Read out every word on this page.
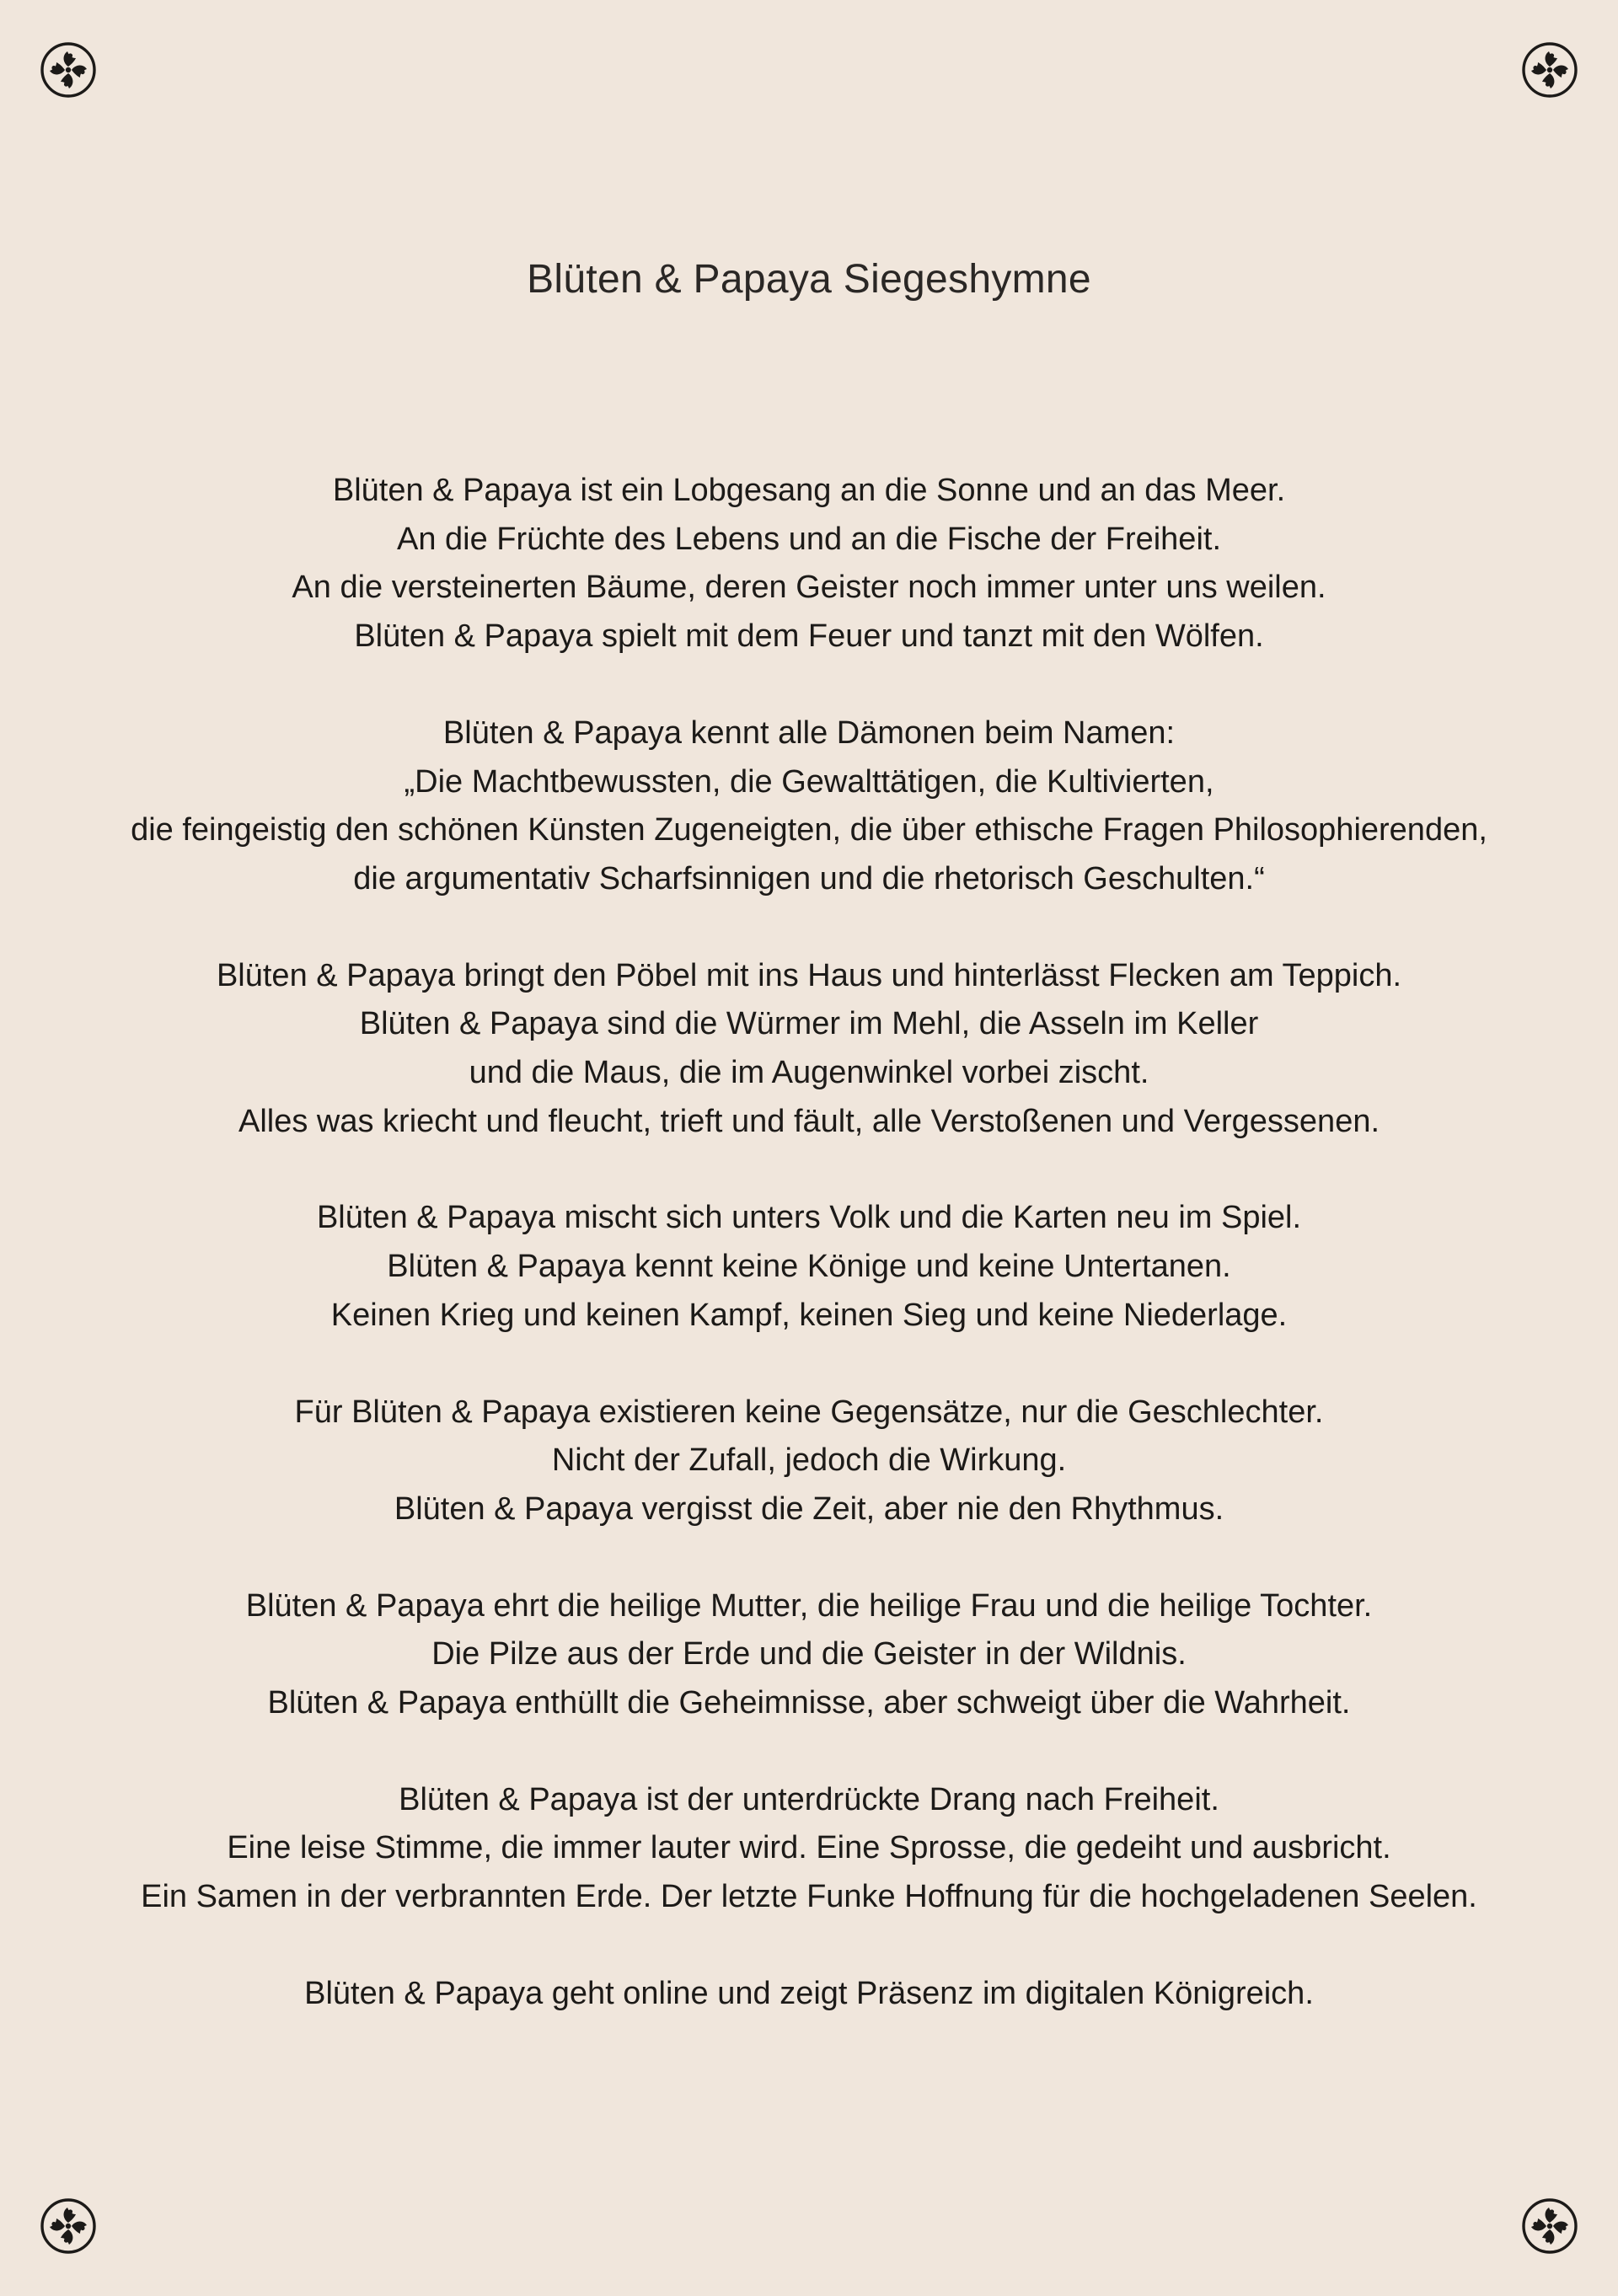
Blüten & Papaya Siegeshymne
Blüten & Papaya ist ein Lobgesang an die Sonne und an das Meer.
An die Früchte des Lebens und an die Fische der Freiheit.
An die versteinerten Bäume, deren Geister noch immer unter uns weilen.
Blüten & Papaya spielt mit dem Feuer und tanzt mit den Wölfen.
Blüten & Papaya kennt alle Dämonen beim Namen:
„Die Machtbewussten, die Gewalttätigen, die Kultivierten,
die feingeistig den schönen Künsten Zugeneigten, die über ethische Fragen Philosophierenden,
die argumentativ Scharfsinnigen und die rhetorisch Geschulten.“
Blüten & Papaya bringt den Pöbel mit ins Haus und hinterlässt Flecken am Teppich.
Blüten & Papaya sind die Würmer im Mehl, die Asseln im Keller
und die Maus, die im Augenwinkel vorbei zischt.
Alles was kriecht und fleucht, trieft und fäult, alle Verstoßenen und Vergessenen.
Blüten & Papaya mischt sich unters Volk und die Karten neu im Spiel.
Blüten & Papaya kennt keine Könige und keine Untertanen.
Keinen Krieg und keinen Kampf, keinen Sieg und keine Niederlage.
Für Blüten & Papaya existieren keine Gegensätze, nur die Geschlechter.
Nicht der Zufall, jedoch die Wirkung.
Blüten & Papaya vergisst die Zeit, aber nie den Rhythmus.
Blüten & Papaya ehrt die heilige Mutter, die heilige Frau und die heilige Tochter.
Die Pilze aus der Erde und die Geister in der Wildnis.
Blüten & Papaya enthüllt die Geheimnisse, aber schweigt über die Wahrheit.
Blüten & Papaya ist der unterdrückte Drang nach Freiheit.
Eine leise Stimme, die immer lauter wird. Eine Sprosse, die gedeiht und ausbricht.
Ein Samen in der verbrannten Erde. Der letzte Funke Hoffnung für die hochgeladenen Seelen.
Blüten & Papaya geht online und zeigt Präsenz im digitalen Königreich.
